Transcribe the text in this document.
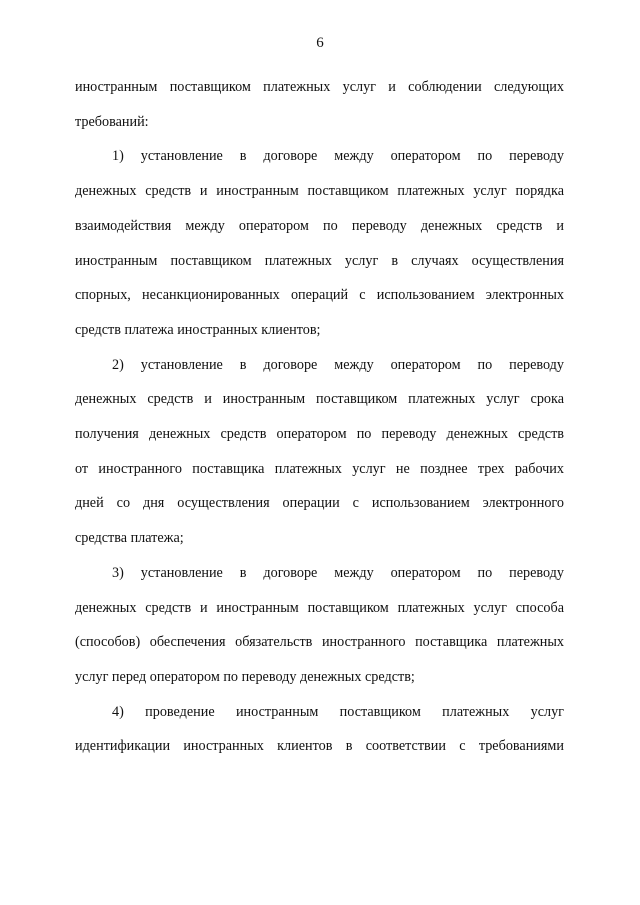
6

иностранным поставщиком платежных услуг и соблюдении следующих
требований:

1) установление в договоре между оператором по переводу
денежных средств и иностранным поставщиком платежных услуг порядка
взаимодействия между оператором по переводу денежных средств и
иностранным поставщиком платежных услуг в случаях осуществления
спорных, несанкционированных операций с использованием электронных
средств платежа иностранных клиентов;

2) установление в договоре между оператором по переводу
денежных средств и иностранным поставщиком платежных услуг срока
получения денежных средств оператором по переводу денежных средств
от иностранного поставщика платежных услуг не позднее трех рабочих
дней со дня осуществления операции с использованием электронного
средства платежа;

3) установление в договоре между оператором по переводу
денежных средств и иностранным поставщиком платежных услуг способа
(способов) обеспечения обязательств иностранного поставщика платежных
услуг перед оператором по переводу денежных средств;

4) проведение иностранным поставщиком платежных услуг
идентификации иностранных клиентов в соответствии с требованиями
